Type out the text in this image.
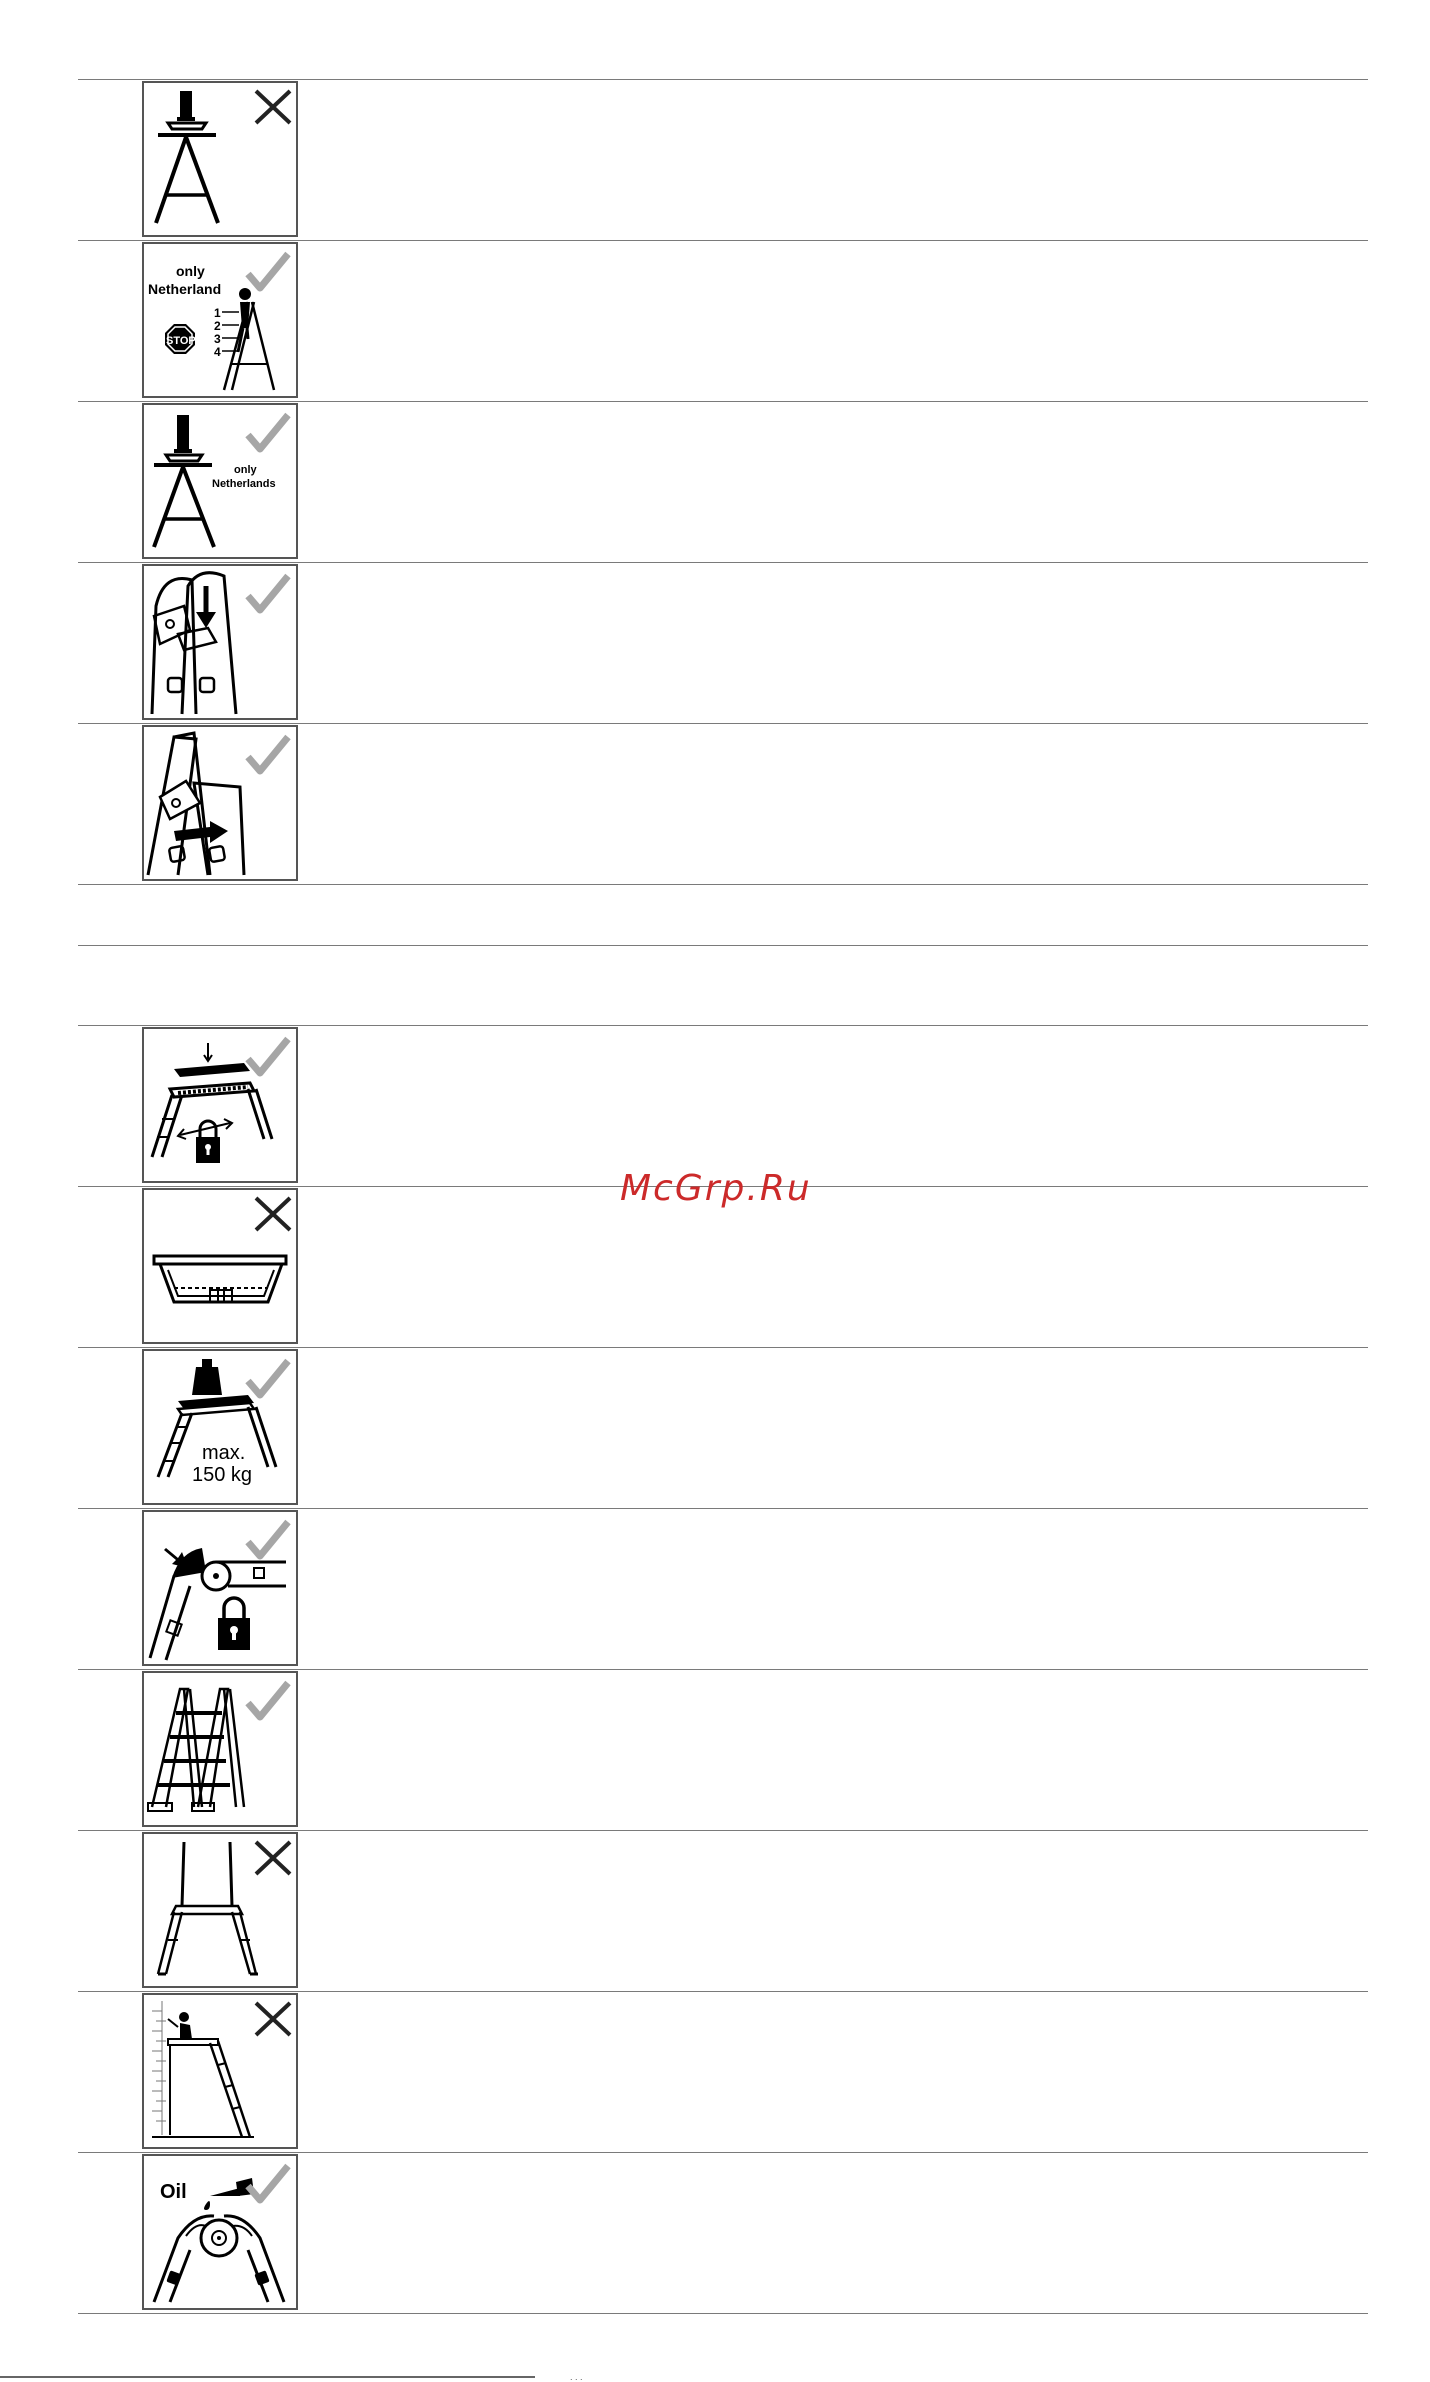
only
Netherland
STOP
1
2
3
4
only
Netherlands
max.
150 kg
Oil
McGrp.Ru
. . .
